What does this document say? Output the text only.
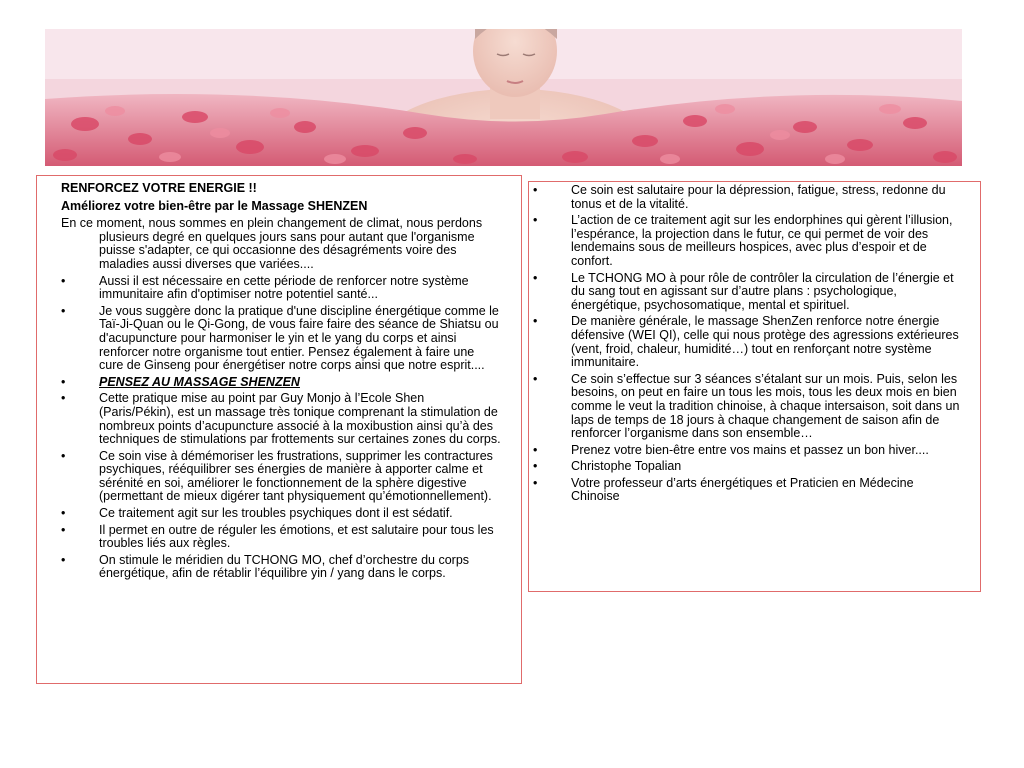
RENFORCEZ VOTRE ENERGIE !!
Améliorez votre bien-être par le Massage SHENZEN
En ce moment, nous sommes en plein changement de climat, nous perdons plusieurs degré en quelques jours sans pour autant que l'organisme puisse s'adapter, ce qui occasionne des désagréments voire des maladies aussi diverses que variées....
•	Aussi il est nécessaire en cette période de renforcer notre système immunitaire afin d'optimiser notre potentiel santé...
•	Je vous suggère donc la pratique d'une discipline énergétique comme le Taï-Ji-Quan ou le Qi-Gong, de vous faire faire des séance de Shiatsu ou d'acupuncture pour harmoniser le yin et le yang du corps et ainsi renforcer notre organisme tout entier. Pensez également à faire une cure de Ginseng pour énergétiser notre corps ainsi que notre esprit....
•	PENSEZ AU MASSAGE SHENZEN
•	Cette pratique mise au point par Guy Monjo à l’Ecole Shen (Paris/Pékin), est un massage très tonique comprenant la stimulation de nombreux points d’acupuncture associé à la moxibustion ainsi qu’à des techniques de stimulations par frottements sur certaines zones du corps.
•	Ce soin vise à démémoriser les frustrations, supprimer les contractures psychiques, rééquilibrer ses énergies de manière à apporter calme et sérénité en soi, améliorer le fonctionnement de la sphère digestive (permettant de mieux digérer tant physiquement qu’émotionnellement).
•	Ce traitement agit sur les troubles psychiques dont il est sédatif.
•	Il permet en outre de réguler les émotions, et est salutaire pour tous les troubles liés aux règles.
•	On stimule le méridien du TCHONG MO, chef d’orchestre du corps énergétique, afin de rétablir l’équilibre yin / yang dans le corps.
•	Ce soin est salutaire pour la dépression, fatigue, stress, redonne du tonus et de la vitalité.
•	L’action de ce traitement agit sur les endorphines qui gèrent l’illusion, l’espérance, la projection dans le futur, ce qui permet de voir des lendemains sous de meilleurs hospices, avec plus d’espoir et de confort.
•	Le TCHONG MO à pour rôle de contrôler la circulation de l’énergie et du sang tout en agissant sur d’autre plans : psychologique, énergétique, psychosomatique, mental et spirituel.
•	De manière générale, le massage ShenZen renforce notre énergie défensive (WEI QI), celle qui nous protège des agressions extérieures (vent, froid, chaleur, humidité…) tout en renforçant notre système immunitaire.
•	Ce soin s’effectue sur 3 séances s’étalant sur un mois. Puis, selon les besoins, on peut en faire un tous les mois, tous les deux mois en bien comme le veut la tradition chinoise, à chaque intersaison, soit dans un laps de temps de 18 jours à chaque changement de saison afin de renforcer l’organisme dans son ensemble…
•	Prenez votre bien-être entre vos mains et passez un bon hiver....
•	Christophe Topalian
•	Votre professeur d’arts énergétiques et Praticien en Médecine Chinoise
